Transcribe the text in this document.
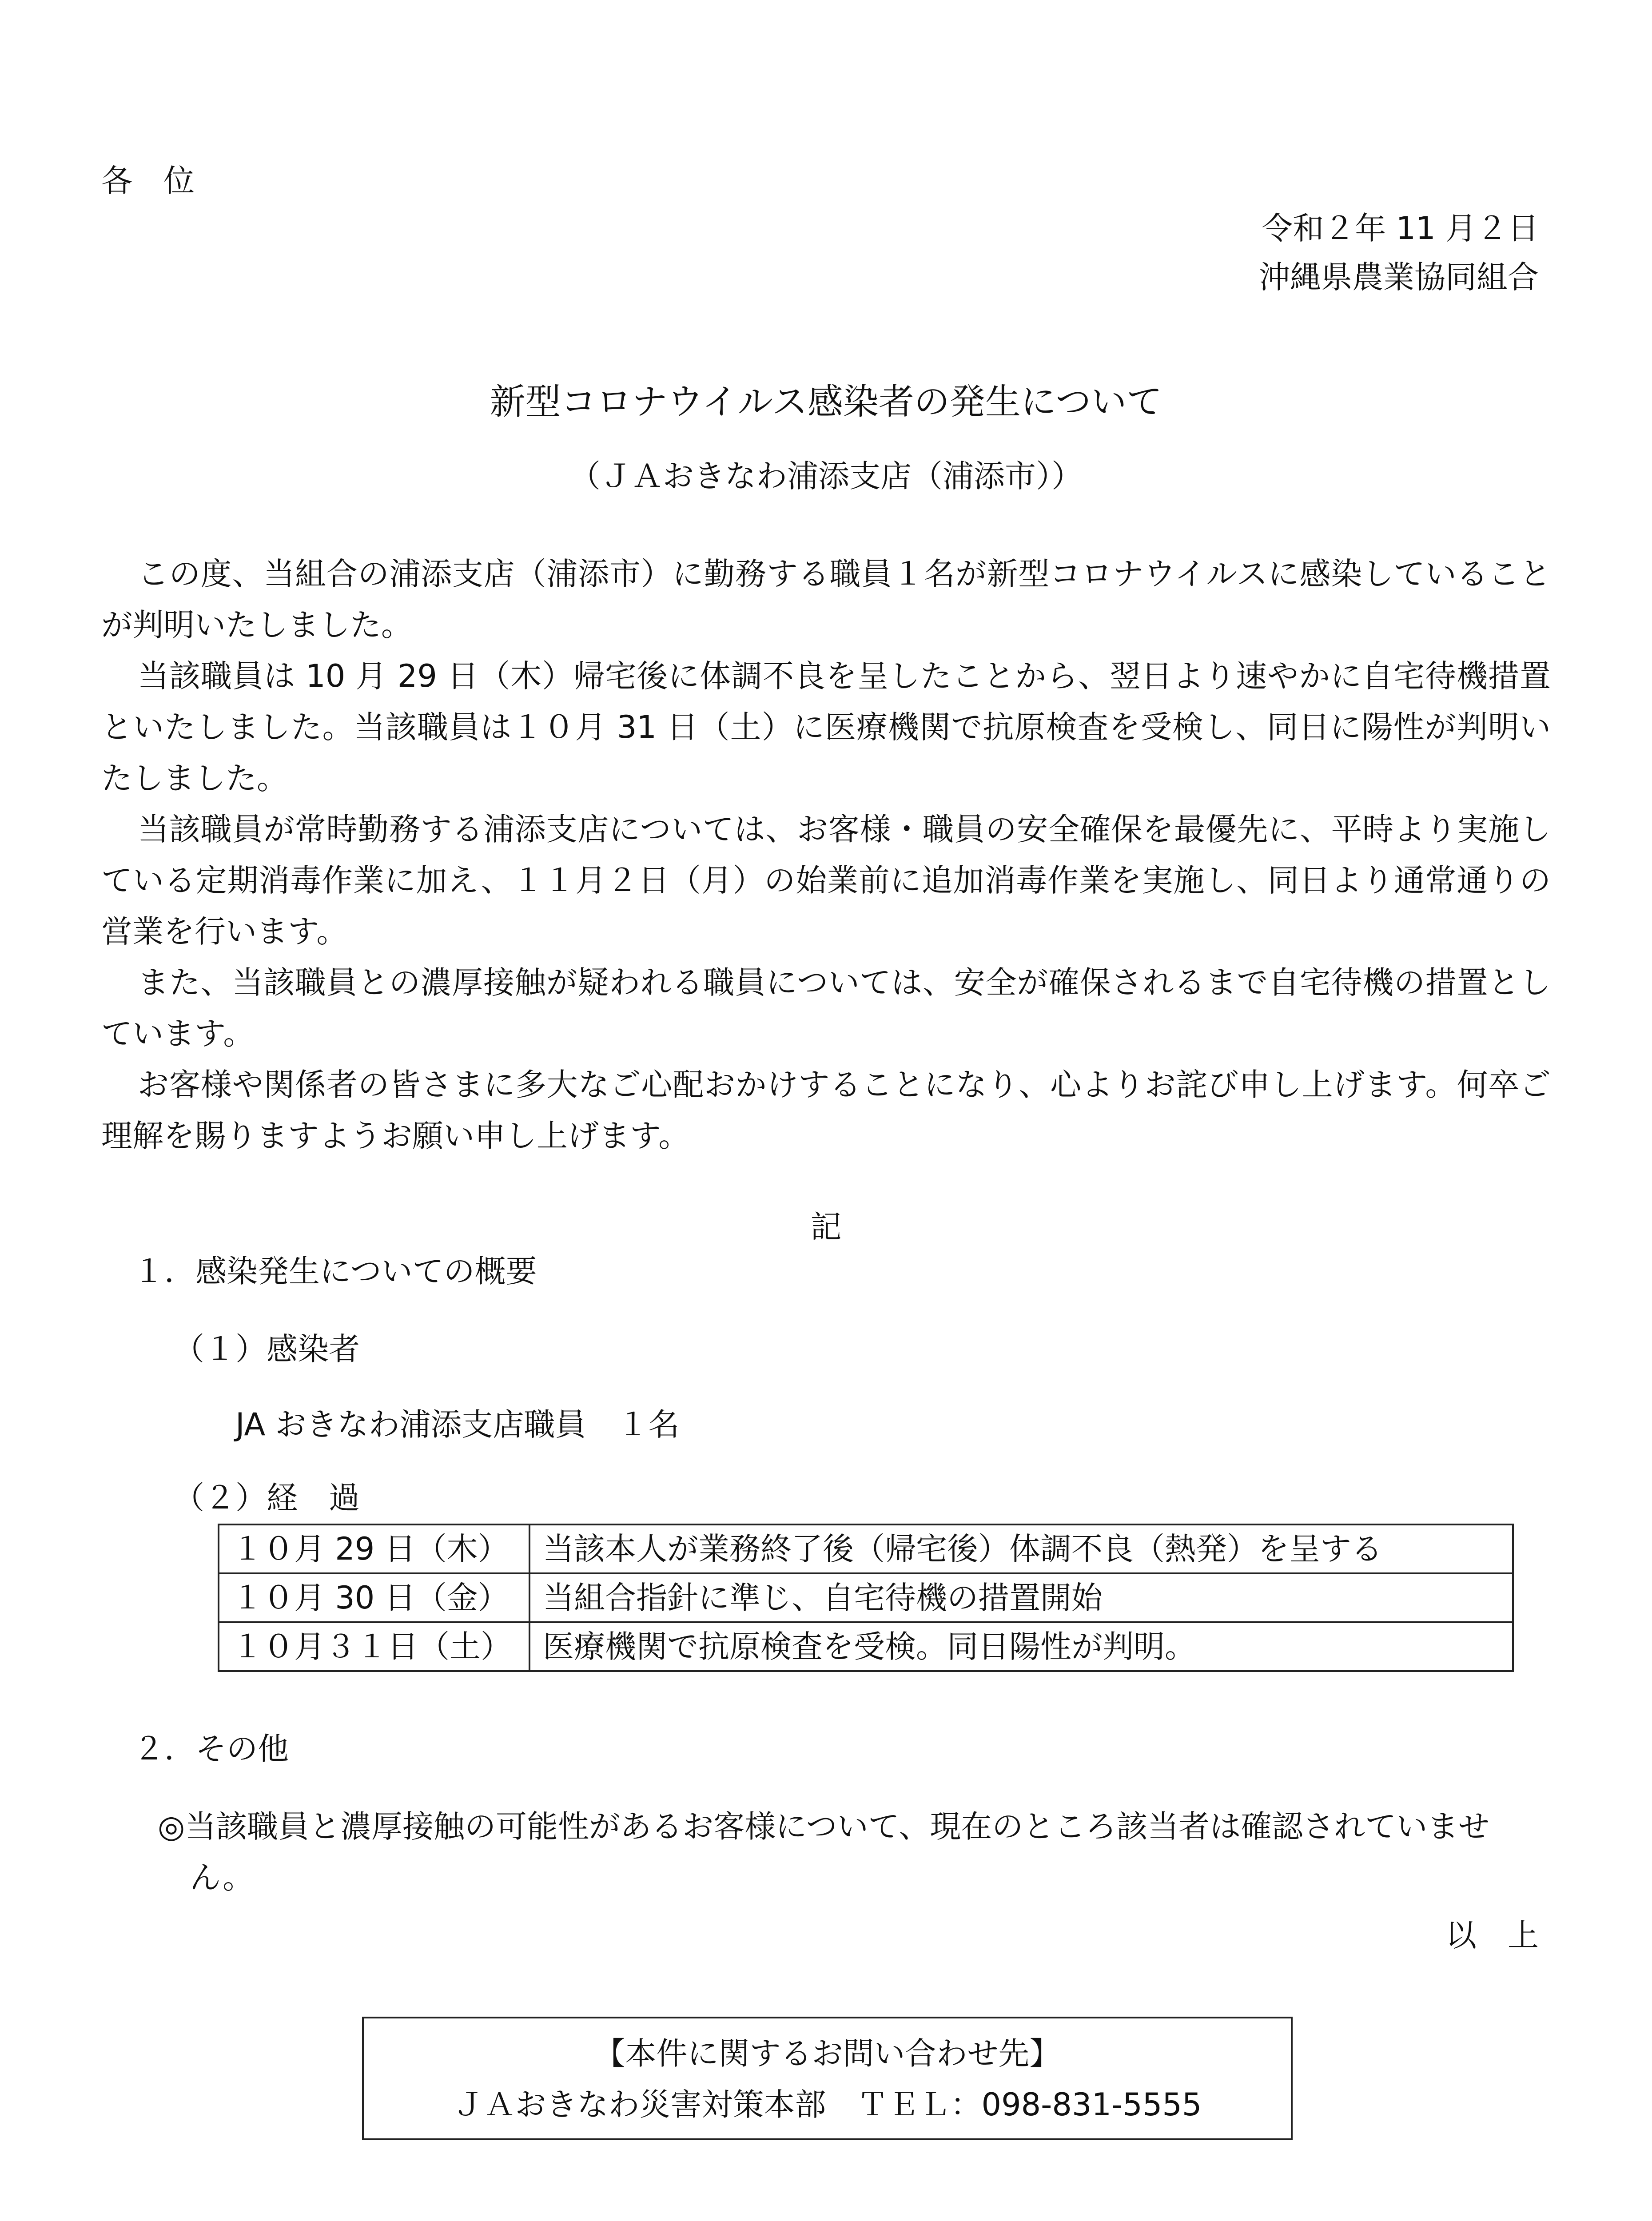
各　位
令和２年 11 月２日
沖縄県農業協同組合
新型コロナウイルス感染者の発生について
（ＪＡおきなわ浦添支店（浦添市））

この度、当組合の浦添支店（浦添市）に勤務する職員１名が新型コロナウイルスに感染していることが判明いたしました。

当該職員は 10 月 29 日（木）帰宅後に体調不良を呈したことから、翌日より速やかに自宅待機措置といたしました。当該職員は１０月 31 日（土）に医療機関で抗原検査を受検し、同日に陽性が判明いたしました。

当該職員が常時勤務する浦添支店については、お客様・職員の安全確保を最優先に、平時より実施している定期消毒作業に加え、１１月２日（月）の始業前に追加消毒作業を実施し、同日より通常通りの営業を行います。

また、当該職員との濃厚接触が疑われる職員については、安全が確保されるまで自宅待機の措置としています。

お客様や関係者の皆さまに多大なご心配おかけすることになり、心よりお詫び申し上げます。何卒ご理解を賜りますようお願い申し上げます。

記
１．感染発生についての概要
（１）感染者
JA おきなわ浦添支店職員　１名
（２）経　過
１０月 29 日（木）	当該本人が業務終了後（帰宅後）体調不良（熱発）を呈する
１０月 30 日（金）	当組合指針に準じ、自宅待機の措置開始
１０月３１日（土）	医療機関で抗原検査を受検。同日陽性が判明。
２．その他
◎当該職員と濃厚接触の可能性があるお客様について、現在のところ該当者は確認されていません。
以　上
【本件に関するお問い合わせ先】
ＪＡおきなわ災害対策本部　ＴＥＬ：098-831-5555
